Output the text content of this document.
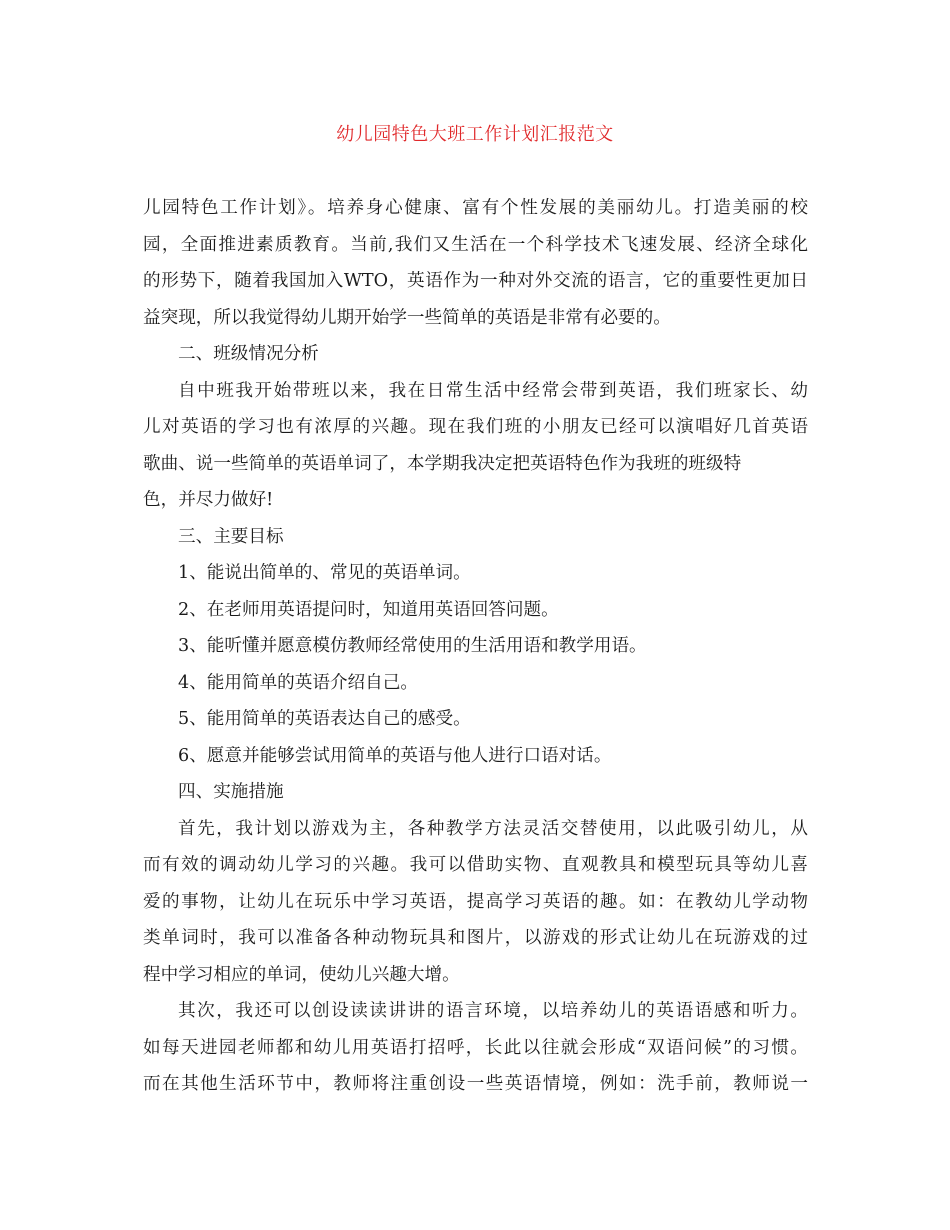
幼儿园特色大班工作计划汇报范文
儿园特色工作计划》。培养身心健康、富有个性发展的美丽幼儿。打造美丽的校
园，全面推进素质教育。当前,我们又生活在一个科学技术飞速发展、经济全球化
的形势下，随着我国加入WTO，英语作为一种对外交流的语言，它的重要性更加日
益突现，所以我觉得幼儿期开始学一些简单的英语是非常有必要的。
二、班级情况分析
自中班我开始带班以来，我在日常生活中经常会带到英语，我们班家长、幼
儿对英语的学习也有浓厚的兴趣。现在我们班的小朋友已经可以演唱好几首英语
歌曲、说一些简单的英语单词了，本学期我决定把英语特色作为我班的班级特
色，并尽力做好!
三、主要目标
1、能说出简单的、常见的英语单词。
2、在老师用英语提问时，知道用英语回答问题。
3、能听懂并愿意模仿教师经常使用的生活用语和教学用语。
4、能用简单的英语介绍自己。
5、能用简单的英语表达自己的感受。
6、愿意并能够尝试用简单的英语与他人进行口语对话。
四、实施措施
首先，我计划以游戏为主，各种教学方法灵活交替使用，以此吸引幼儿，从
而有效的调动幼儿学习的兴趣。我可以借助实物、直观教具和模型玩具等幼儿喜
爱的事物，让幼儿在玩乐中学习英语，提高学习英语的趣。如：在教幼儿学动物
类单词时，我可以准备各种动物玩具和图片，以游戏的形式让幼儿在玩游戏的过
程中学习相应的单词，使幼儿兴趣大增。
其次，我还可以创设读读讲讲的语言环境，以培养幼儿的英语语感和听力。
如每天进园老师都和幼儿用英语打招呼，长此以往就会形成“双语问候”的习惯。
而在其他生活环节中，教师将注重创设一些英语情境，例如：洗手前，教师说一
